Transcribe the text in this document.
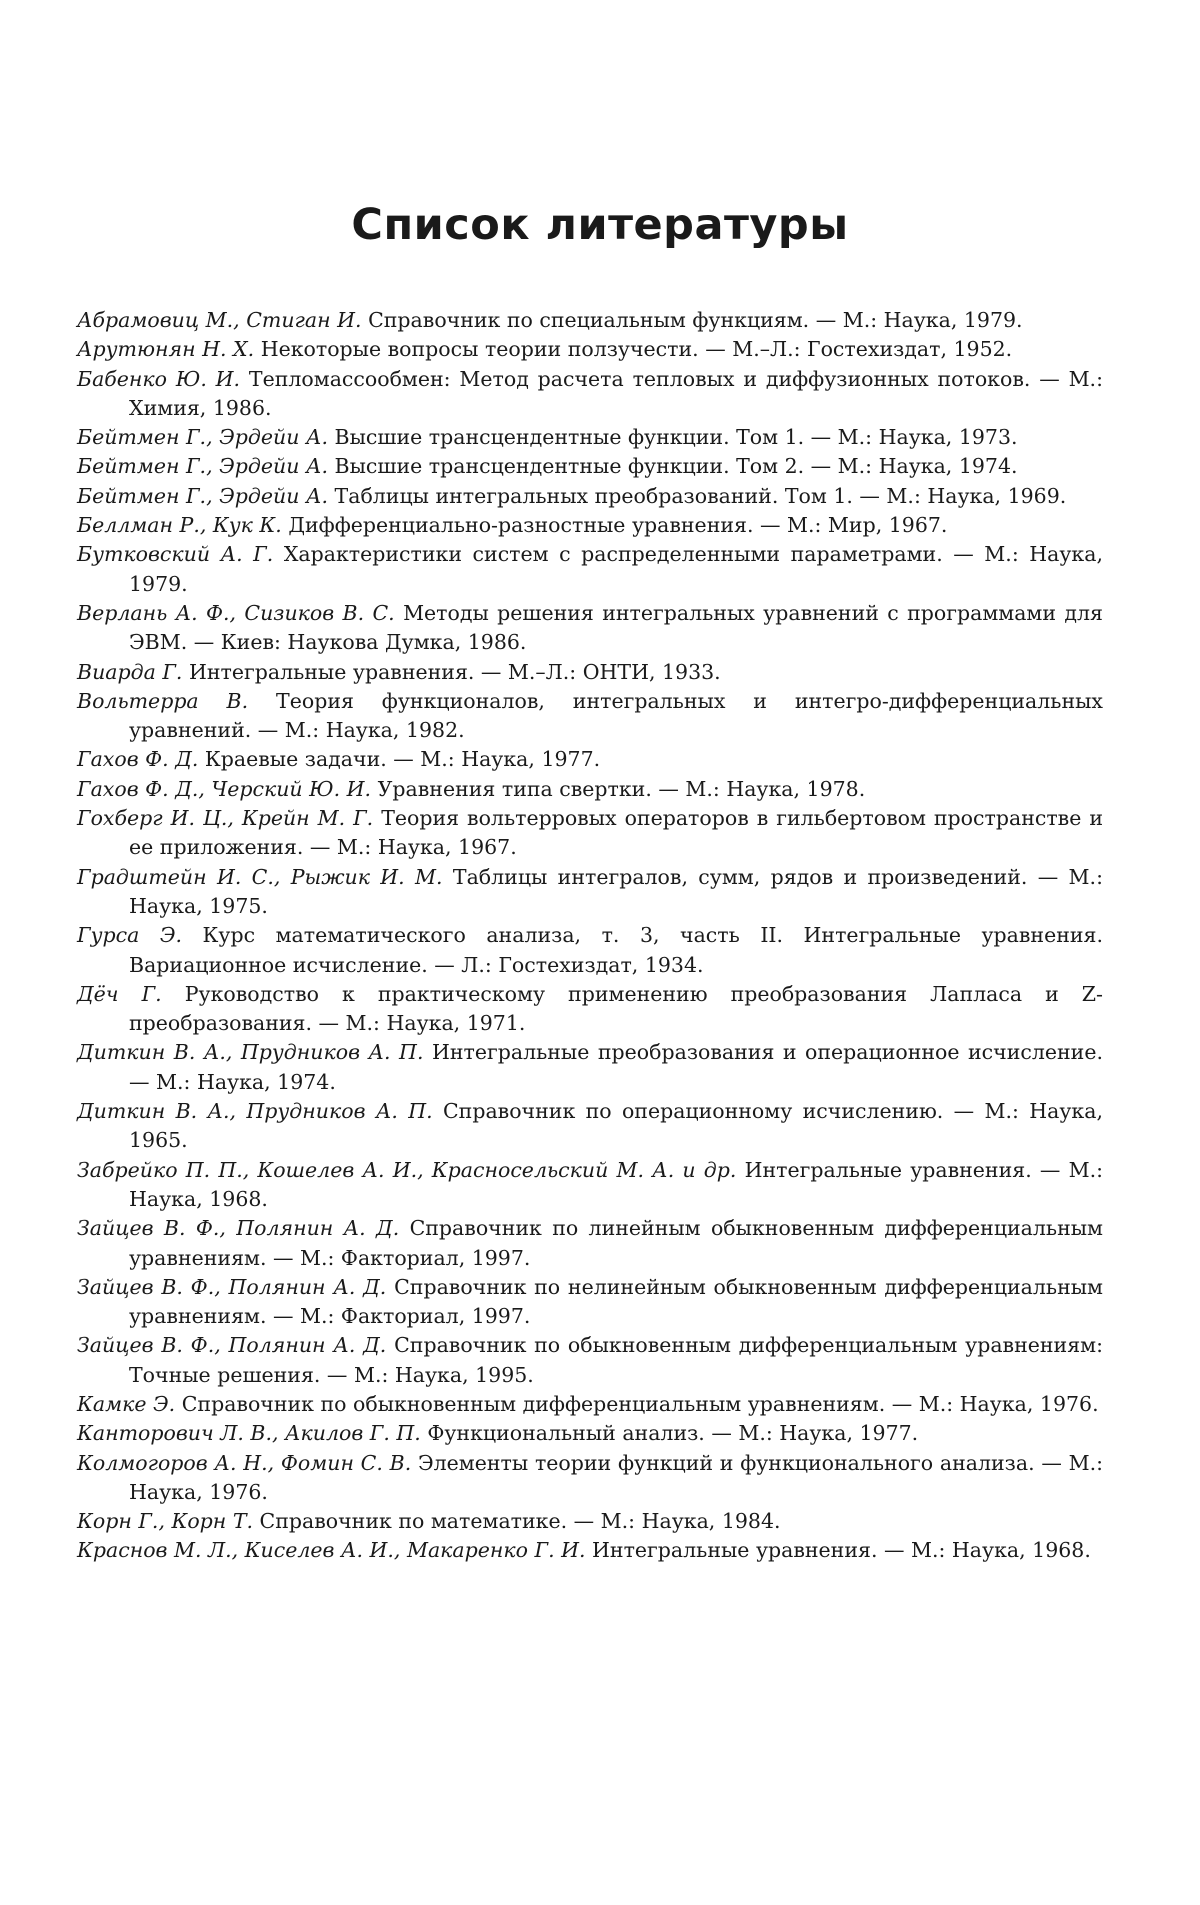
Список литературы
Абрамовиц М., Стиган И. Справочник по специальным функциям. — М.: Наука, 1979.
Арутюнян Н. Х. Некоторые вопросы теории ползучести. — М.–Л.: Гостехиздат, 1952.
Бабенко Ю. И. Тепломассообмен: Метод расчета тепловых и диффузионных потоков. — М.: Химия, 1986.
Бейтмен Г., Эрдейи А. Высшие трансцендентные функции. Том 1. — М.: Наука, 1973.
Бейтмен Г., Эрдейи А. Высшие трансцендентные функции. Том 2. — М.: Наука, 1974.
Бейтмен Г., Эрдейи А. Таблицы интегральных преобразований. Том 1. — М.: Наука, 1969.
Беллман Р., Кук К. Дифференциально-разностные уравнения. — М.: Мир, 1967.
Бутковский А. Г. Характеристики систем с распределенными параметрами. — М.: Наука, 1979.
Верлань А. Ф., Сизиков В. С. Методы решения интегральных уравнений с программами для ЭВМ. — Киев: Наукова Думка, 1986.
Виарда Г. Интегральные уравнения. — М.–Л.: ОНТИ, 1933.
Вольтерра В. Теория функционалов, интегральных и интегро-дифференциальных уравнений. — М.: Наука, 1982.
Гахов Ф. Д. Краевые задачи. — М.: Наука, 1977.
Гахов Ф. Д., Черский Ю. И. Уравнения типа свертки. — М.: Наука, 1978.
Гохберг И. Ц., Крейн М. Г. Теория вольтерровых операторов в гильбертовом пространстве и ее приложения. — М.: Наука, 1967.
Градштейн И. С., Рыжик И. М. Таблицы интегралов, сумм, рядов и произведений. — М.: Наука, 1975.
Гурса Э. Курс математического анализа, т. 3, часть II. Интегральные уравнения. Вариационное исчисление. — Л.: Гостехиздат, 1934.
Дёч Г. Руководство к практическому применению преобразования Лапласа и Z-преобразования. — М.: Наука, 1971.
Диткин В. А., Прудников А. П. Интегральные преобразования и операционное исчисление. — М.: Наука, 1974.
Диткин В. А., Прудников А. П. Справочник по операционному исчислению. — М.: Наука, 1965.
Забрейко П. П., Кошелев А. И., Красносельский М. А. и др. Интегральные уравнения. — М.: Наука, 1968.
Зайцев В. Ф., Полянин А. Д. Справочник по линейным обыкновенным дифференциальным уравнениям. — М.: Факториал, 1997.
Зайцев В. Ф., Полянин А. Д. Справочник по нелинейным обыкновенным дифференциальным уравнениям. — М.: Факториал, 1997.
Зайцев В. Ф., Полянин А. Д. Справочник по обыкновенным дифференциальным уравнениям: Точные решения. — М.: Наука, 1995.
Камке Э. Справочник по обыкновенным дифференциальным уравнениям. — М.: Наука, 1976.
Канторович Л. В., Акилов Г. П. Функциональный анализ. — М.: Наука, 1977.
Колмогоров А. Н., Фомин С. В. Элементы теории функций и функционального анализа. — М.: Наука, 1976.
Корн Г., Корн Т. Справочник по математике. — М.: Наука, 1984.
Краснов М. Л., Киселев А. И., Макаренко Г. И. Интегральные уравнения. — М.: Наука, 1968.
